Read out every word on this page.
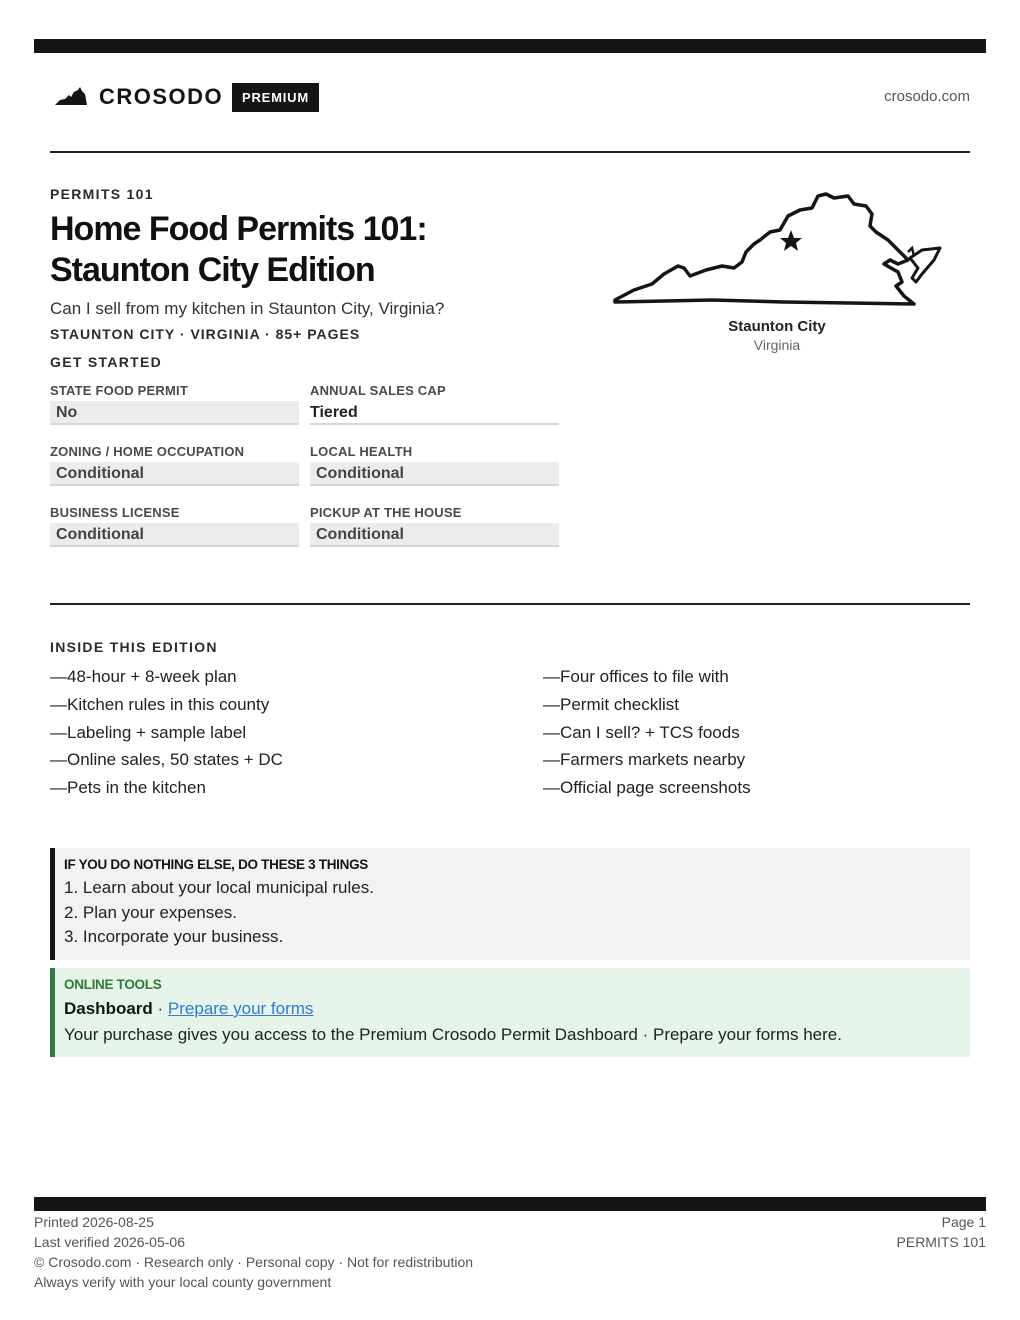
CROSODO	PREMIUM	crosodo.com
PERMITS 101
Home Food Permits 101:
Staunton City Edition
Can I sell from my kitchen in Staunton City, Virginia?
STAUNTON CITY · VIRGINIA · 85+ PAGES
GET STARTED
STATE FOOD PERMIT
No
ANNUAL SALES CAP
Tiered
ZONING / HOME OCCUPATION
Conditional
LOCAL HEALTH
Conditional
BUSINESS LICENSE
Conditional
PICKUP AT THE HOUSE
Conditional
Staunton City
Virginia
INSIDE THIS EDITION
—48-hour + 8-week plan
—Kitchen rules in this county
—Labeling + sample label
—Online sales, 50 states + DC
—Pets in the kitchen
—Four offices to file with
—Permit checklist
—Can I sell? + TCS foods
—Farmers markets nearby
—Official page screenshots
IF YOU DO NOTHING ELSE, DO THESE 3 THINGS
1. Learn about your local municipal rules.
2. Plan your expenses.
3. Incorporate your business.
ONLINE TOOLS
Dashboard · Prepare your forms
Your purchase gives you access to the Premium Crosodo Permit Dashboard · Prepare your forms here.
Printed 2026-08-25
Last verified 2026-05-06
© Crosodo.com · Research only · Personal copy · Not for redistribution
Always verify with your local county government
Page 1
PERMITS 101
